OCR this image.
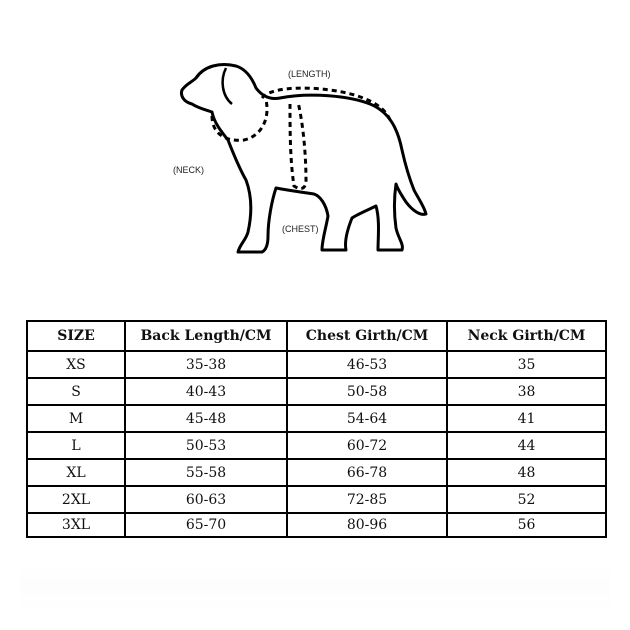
(LENGTH)
(NECK)
(CHEST)
SIZE	Back Length/CM	Chest Girth/CM	Neck Girth/CM
XS	35-38	46-53	35
S	40-43	50-58	38
M	45-48	54-64	41
L	50-53	60-72	44
XL	55-58	66-78	48
2XL	60-63	72-85	52
3XL	65-70	80-96	56
